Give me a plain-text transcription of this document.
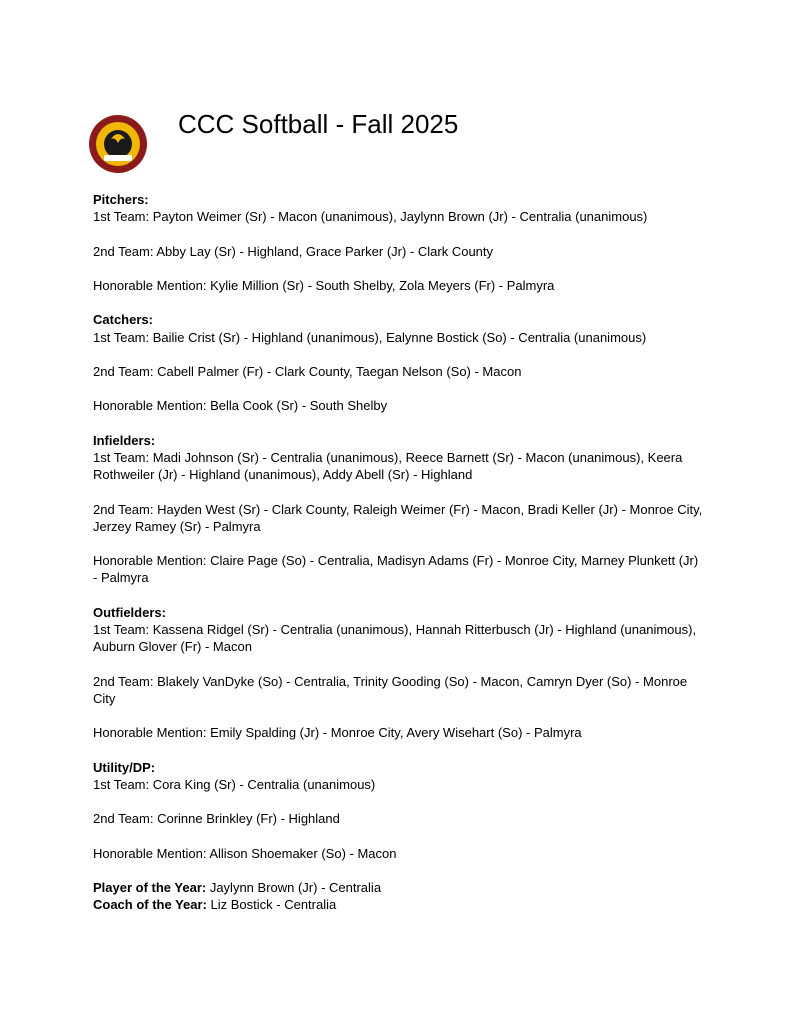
CCC Softball - Fall 2025
Pitchers:

1st Team: Payton Weimer (Sr) - Macon (unanimous), Jaylynn Brown (Jr) - Centralia (unanimous)

2nd Team: Abby Lay (Sr) - Highland, Grace Parker (Jr) - Clark County

Honorable Mention: Kylie Million (Sr) - South Shelby, Zola Meyers (Fr) - Palmyra

Catchers:

1st Team: Bailie Crist (Sr) - Highland (unanimous), Ealynne Bostick (So) - Centralia (unanimous)

2nd Team: Cabell Palmer (Fr) - Clark County, Taegan Nelson (So) - Macon

Honorable Mention: Bella Cook (Sr) - South Shelby

Infielders:

1st Team: Madi Johnson (Sr) - Centralia (unanimous), Reece Barnett (Sr) - Macon (unanimous), Keera Rothweiler (Jr) - Highland (unanimous), Addy Abell (Sr) - Highland

2nd Team: Hayden West (Sr) - Clark County, Raleigh Weimer (Fr) - Macon, Bradi Keller (Jr) - Monroe City, Jerzey Ramey (Sr) - Palmyra

Honorable Mention: Claire Page (So) - Centralia, Madisyn Adams (Fr) - Monroe City, Marney Plunkett (Jr) - Palmyra

Outfielders:

1st Team: Kassena Ridgel (Sr) - Centralia (unanimous), Hannah Ritterbusch (Jr) - Highland (unanimous), Auburn Glover (Fr) - Macon

2nd Team: Blakely VanDyke (So) - Centralia, Trinity Gooding (So) - Macon, Camryn Dyer (So) - Monroe City

Honorable Mention: Emily Spalding (Jr) - Monroe City, Avery Wisehart (So) - Palmyra

Utility/DP:

1st Team: Cora King (Sr) - Centralia (unanimous)

2nd Team: Corinne Brinkley (Fr) - Highland

Honorable Mention: Allison Shoemaker (So) - Macon

Player of the Year: Jaylynn Brown (Jr) - Centralia
Coach of the Year: Liz Bostick - Centralia
